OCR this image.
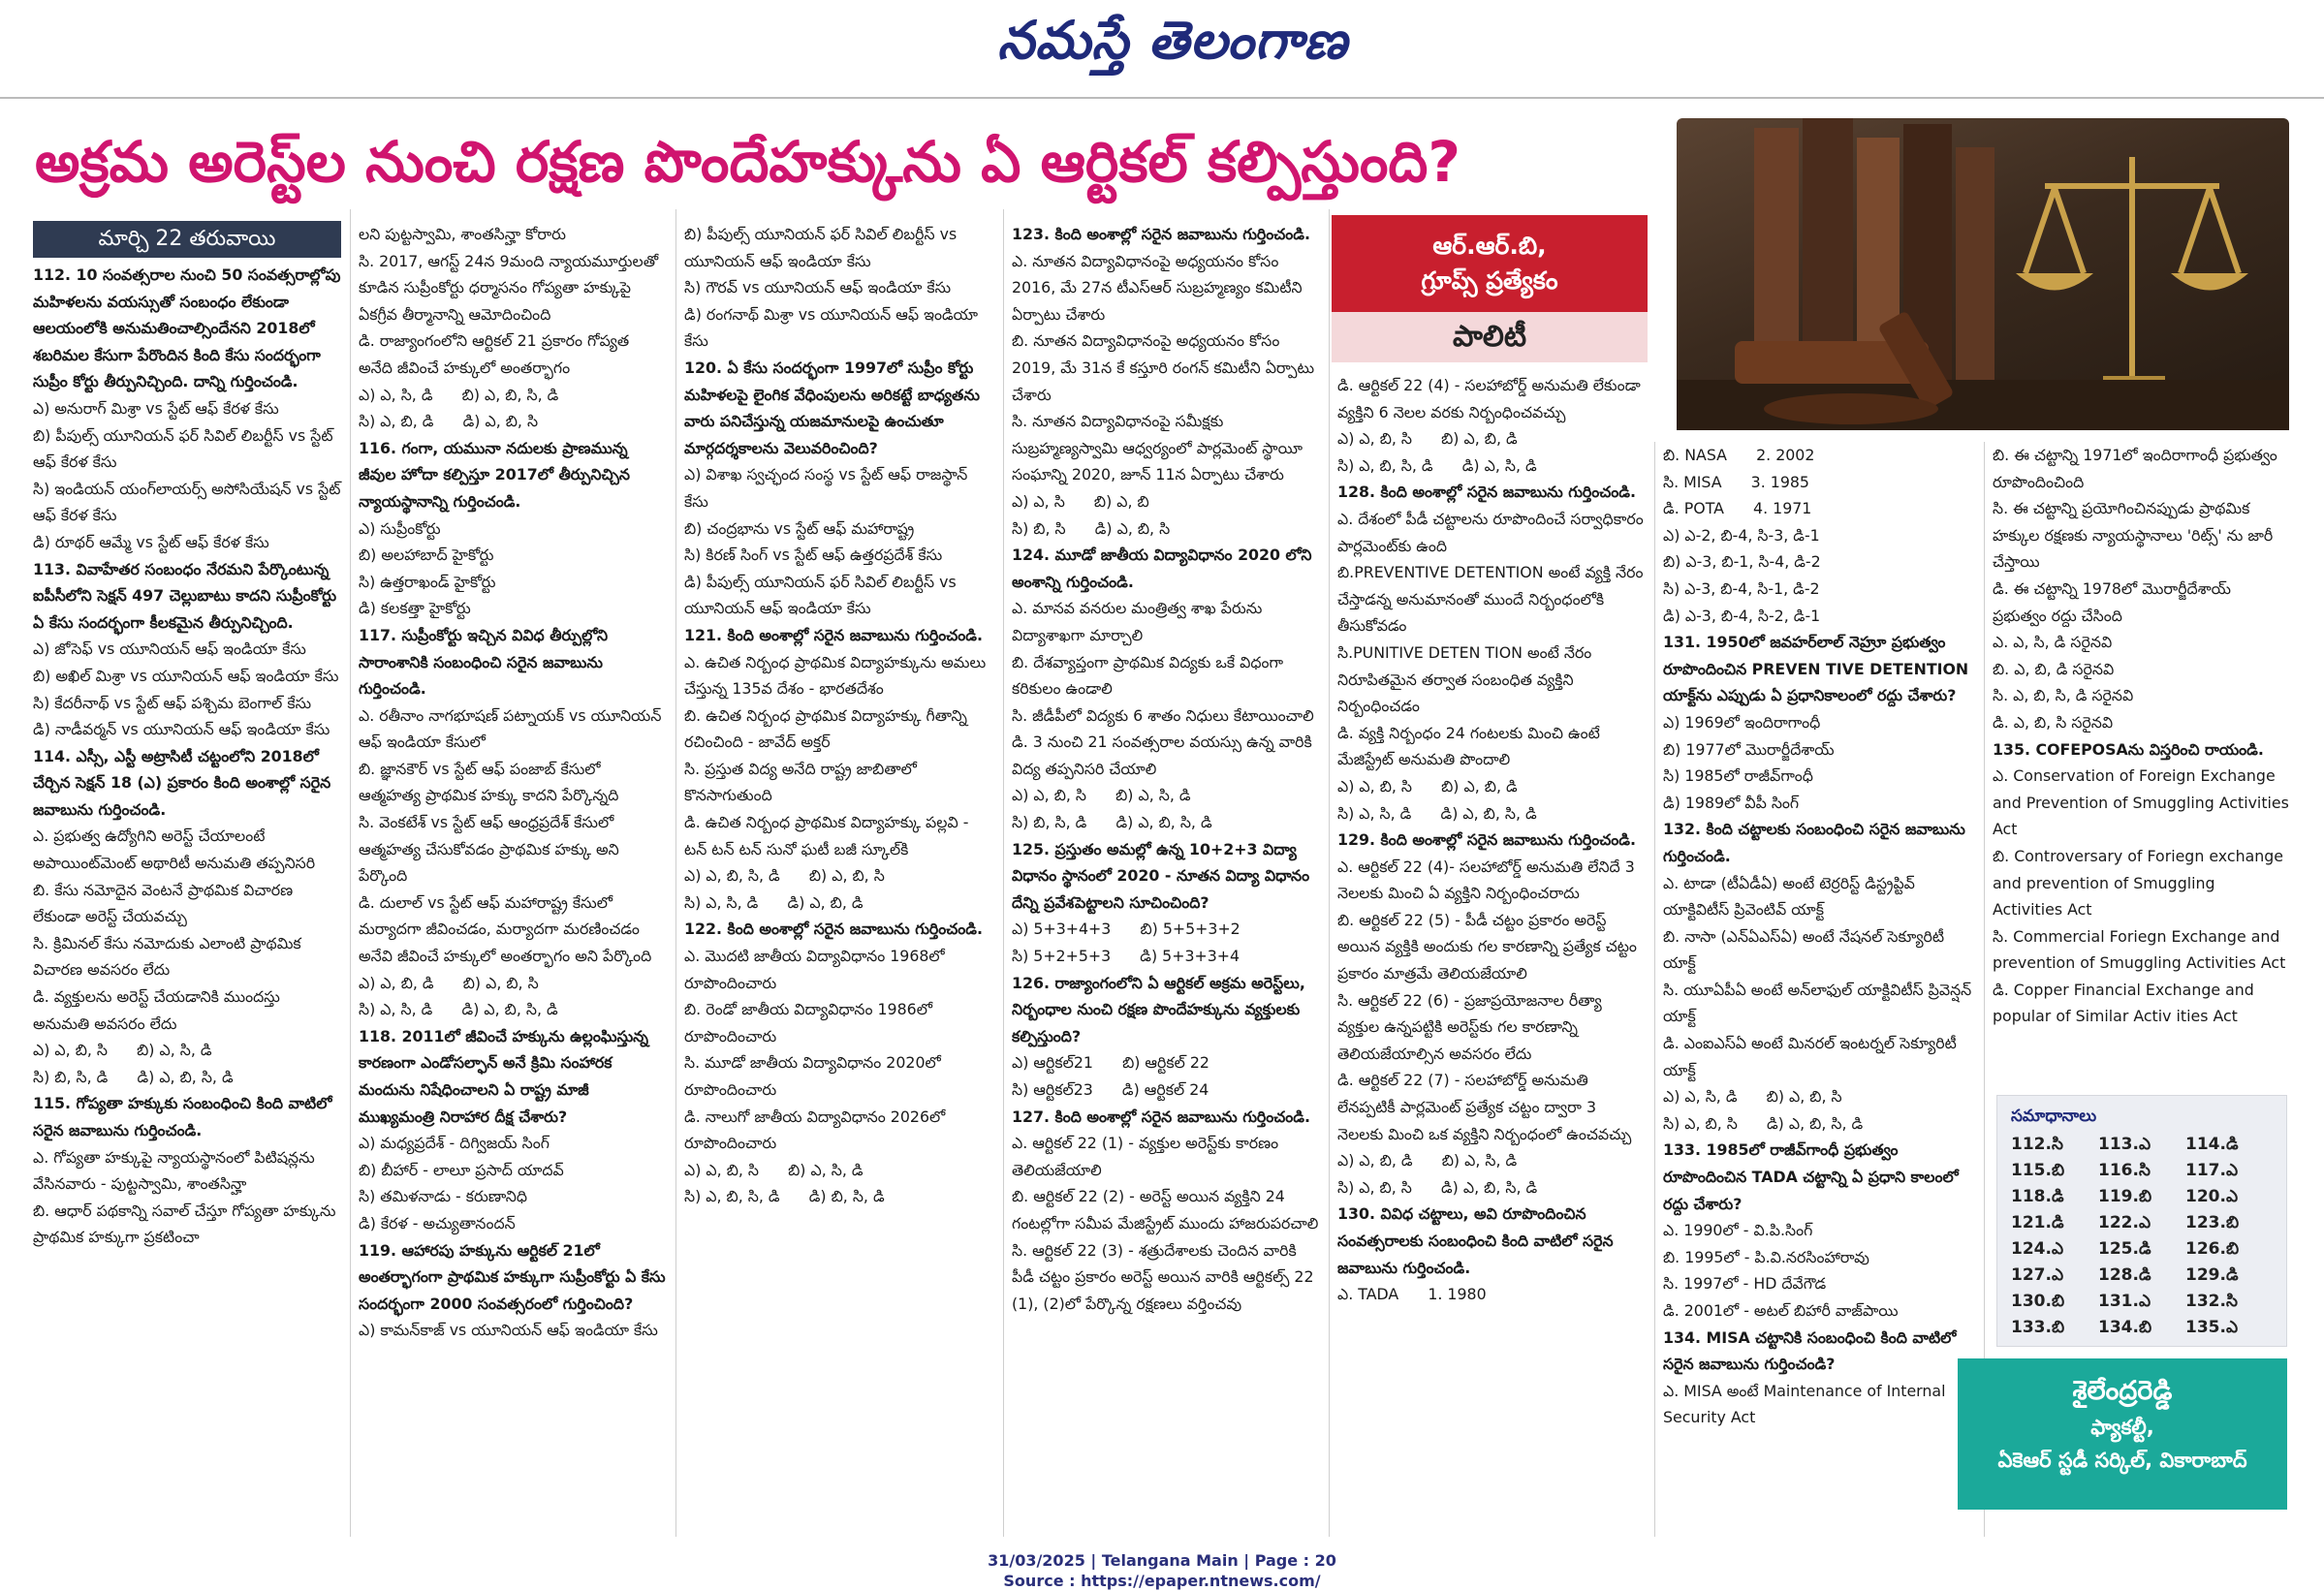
నమస్తే తెలంగాణ
అక్రమ అరెస్ట్‌ల నుంచి రక్షణ పొందేహక్కును ఏ ఆర్టికల్ కల్పిస్తుంది?
ఆర్.ఆర్.బి,
గ్రూప్స్ ప్రత్యేకం
పాలిటీ
మార్చి 22 తరువాయి

112. 10 సంవత్సరాల నుంచి 50 సంవత్సరాల్లోపు మహిళలను వయస్సుతో సంబంధం లేకుండా ఆలయంలోకి అనుమతించాల్సిందేనని 2018లో శబరిమల కేసుగా పేరొందిన కింది కేసు సందర్భంగా సుప్రీం కోర్టు తీర్పునిచ్చింది. దాన్ని గుర్తించండి.

ఎ) అనురాగ్ మిశ్రా vs స్టేట్ ఆఫ్ కేరళ కేసు

బి) పీపుల్స్ యూనియన్ ఫర్ సివిల్ లిబర్టీస్ vs స్టేట్ ఆఫ్ కేరళ కేసు

సి) ఇండియన్ యంగ్‌లాయర్స్ అసోసియేషన్ vs స్టేట్ ఆఫ్ కేరళ కేసు

డి) రూథర్ ఆమ్మే vs స్టేట్ ఆఫ్ కేరళ కేసు

113. వివాహేతర సంబంధం నేరమని పేర్కొంటున్న ఐపీసీలోని సెక్షన్ 497 చెల్లుబాటు కాదని సుప్రీంకోర్టు ఏ కేసు సందర్భంగా కీలకమైన తీర్పునిచ్చింది.

ఎ) జోసెఫ్ vs యూనియన్ ఆఫ్ ఇండియా కేసు

బి) అఖిల్ మిశ్రా vs యూనియన్ ఆఫ్ ఇండియా కేసు

సి) కేదరీనాథ్ vs స్టేట్ ఆఫ్ పశ్చిమ బెంగాల్ కేసు

డి) నాడీవర్మన్ vs యూనియన్ ఆఫ్ ఇండియా కేసు

114. ఎస్సీ, ఎస్టీ అట్రాసిటీ చట్టంలోని 2018లో చేర్చిన సెక్షన్ 18 (ఎ) ప్రకారం కింది అంశాల్లో సరైన జవాబును గుర్తించండి.

ఎ. ప్రభుత్వ ఉద్యోగిని అరెస్ట్ చేయాలంటే అపాయింట్‌మెంట్ అథారిటీ అనుమతి తప్పనిసరి

బి. కేసు నమోదైన వెంటనే ప్రాథమిక విచారణ లేకుండా అరెస్ట్ చేయవచ్చు

సి. క్రిమినల్ కేసు నమోదుకు ఎలాంటి ప్రాథమిక విచారణ అవసరం లేదు

డి. వ్యక్తులను అరెస్ట్ చేయడానికి ముందస్తు అనుమతి అవసరం లేదు

ఎ) ఎ, బి, సి      బి) ఎ, సి, డి

సి) బి, సి, డి      డి) ఎ, బి, సి, డి

115. గోప్యతా హక్కుకు సంబంధించి కింది వాటిలో సరైన జవాబును గుర్తించండి.

ఎ. గోప్యతా హక్కుపై న్యాయస్థానంలో పిటిషన్లను వేసినవారు - పుట్టస్వామి, శాంతసిన్హా

బి. ఆధార్ పథకాన్ని సవాల్ చేస్తూ గోప్యతా హక్కును ప్రాథమిక హక్కుగా ప్రకటించా

లని పుట్టస్వామి, శాంతసిన్హా కోరారు

సి. 2017, ఆగస్ట్ 24న 9మంది న్యాయమూర్తులతో కూడిన సుప్రీంకోర్టు ధర్మాసనం గోప్యతా హక్కుపై ఏకగ్రీవ తీర్మానాన్ని ఆమోదించింది

డి. రాజ్యాంగంలోని ఆర్టికల్ 21 ప్రకారం గోప్యత అనేది జీవించే హక్కులో అంతర్భాగం

ఎ) ఎ, సి, డి      బి) ఎ, బి, సి, డి

సి) ఎ, బి, డి      డి) ఎ, బి, సి

116. గంగా, యమునా నదులకు ప్రాణమున్న జీవుల హోదా కల్పిస్తూ 2017లో తీర్పునిచ్చిన న్యాయస్థానాన్ని గుర్తించండి.

ఎ) సుప్రీంకోర్టు

బి) అలహాబాద్ హైకోర్టు

సి) ఉత్తరాఖండ్ హైకోర్టు

డి) కలకత్తా హైకోర్టు

117. సుప్రీంకోర్టు ఇచ్చిన వివిధ తీర్పుల్లోని సారాంశానికి సంబంధించి సరైన జవాబును గుర్తించండి.

ఎ. రతీనాం నాగభూషణ్ పట్నాయక్ vs యూనియన్ ఆఫ్ ఇండియా కేసులో

బి. జ్ఞానకౌర్ vs స్టేట్ ఆఫ్ పంజాబ్ కేసులో ఆత్మహత్య ప్రాథమిక హక్కు కాదని పేర్కొన్నది

సి. వెంకటేశ్ vs స్టేట్ ఆఫ్ ఆంధ్రప్రదేశ్ కేసులో ఆత్మహత్య చేసుకోవడం ప్రాథమిక హక్కు అని పేర్కొంది

డి. దులాల్ vs స్టేట్ ఆఫ్ మహారాష్ట్ర కేసులో మర్యాదగా జీవించడం, మర్యాదగా మరణించడం అనేవి జీవించే హక్కులో అంతర్భాగం అని పేర్కొంది

ఎ) ఎ, బి, డి      బి) ఎ, బి, సి

సి) ఎ, సి, డి      డి) ఎ, బి, సి, డి

118. 2011లో జీవించే హక్కును ఉల్లంఘిస్తున్న కారణంగా ఎండోసల్ఫాన్ అనే క్రిమి సంహారక మందును నిషేధించాలని ఏ రాష్ట్ర మాజీ ముఖ్యమంత్రి నిరాహార దీక్ష చేశారు?

ఎ) మధ్యప్రదేశ్ - దిగ్విజయ్ సింగ్

బి) బీహార్ - లాలూ ప్రసాద్ యాదవ్

సి) తమిళనాడు - కరుణానిధి

డి) కేరళ - అచ్యుతానందన్

119. ఆహారపు హక్కును ఆర్టికల్ 21లో అంతర్భాగంగా ప్రాథమిక హక్కుగా సుప్రీంకోర్టు ఏ కేసు సందర్భంగా 2000 సంవత్సరంలో గుర్తించింది?

ఎ) కామన్‌కాజ్ vs యూనియన్ ఆఫ్ ఇండియా కేసు

బి) పీపుల్స్ యూనియన్ ఫర్ సివిల్ లిబర్టీస్ vs యూనియన్ ఆఫ్ ఇండియా కేసు

సి) గౌరవ్ vs యూనియన్ ఆఫ్ ఇండియా కేసు

డి) రంగనాథ్ మిశ్రా vs యూనియన్ ఆఫ్ ఇండియా కేసు

120. ఏ కేసు సందర్భంగా 1997లో సుప్రీం కోర్టు మహిళలపై లైంగిక వేధింపులను అరికట్టే బాధ్యతను వారు పనిచేస్తున్న యజమానులపై ఉంచుతూ మార్గదర్శకాలను వెలువరించింది?

ఎ) విశాఖ స్వచ్ఛంద సంస్థ vs స్టేట్ ఆఫ్ రాజస్థాన్ కేసు

బి) చంద్రభాను vs స్టేట్ ఆఫ్ మహారాష్ట్ర

సి) కిరణ్ సింగ్ vs స్టేట్ ఆఫ్ ఉత్తరప్రదేశ్ కేసు

డి) పీపుల్స్ యూనియన్ ఫర్ సివిల్ లిబర్టీస్ vs యూనియన్ ఆఫ్ ఇండియా కేసు

121. కింది అంశాల్లో సరైన జవాబును గుర్తించండి.

ఎ. ఉచిత నిర్బంధ ప్రాథమిక విద్యాహక్కును అమలు చేస్తున్న 135వ దేశం - భారతదేశం

బి. ఉచిత నిర్బంధ ప్రాథమిక విద్యాహక్కు గీతాన్ని రచించింది - జావేద్ అక్తర్

సి. ప్రస్తుత విద్య అనేది రాష్ట్ర జాబితాలో కొనసాగుతుంది

డి. ఉచిత నిర్బంధ ప్రాథమిక విద్యాహక్కు పల్లవి - టన్ టన్ టన్ సునో ఘటీ బజీ స్కూల్‌కి

ఎ) ఎ, బి, సి, డి      బి) ఎ, బి, సి

సి) ఎ, సి, డి      డి) ఎ, బి, డి

122. కింది అంశాల్లో సరైన జవాబును గుర్తించండి.

ఎ. మొదటి జాతీయ విద్యావిధానం 1968లో రూపొందించారు

బి. రెండో జాతీయ విద్యావిధానం 1986లో రూపొందించారు

సి. మూడో జాతీయ విద్యావిధానం 2020లో రూపొందించారు

డి. నాలుగో జాతీయ విద్యావిధానం 2026లో రూపొందించారు

ఎ) ఎ, బి, సి      బి) ఎ, సి, డి

సి) ఎ, బి, సి, డి      డి) బి, సి, డి

123. కింది అంశాల్లో సరైన జవాబును గుర్తించండి.

ఎ. నూతన విద్యావిధానంపై అధ్యయనం కోసం 2016, మే 27న టీఎస్ఆర్ సుబ్రహ్మణ్యం కమిటీని ఏర్పాటు చేశారు

బి. నూతన విద్యావిధానంపై అధ్యయనం కోసం 2019, మే 31న కే కస్తూరి రంగన్ కమిటీని ఏర్పాటు చేశారు

సి. నూతన విద్యావిధానంపై సమీక్షకు సుబ్రహ్మణ్యస్వామి ఆధ్వర్యంలో పార్లమెంట్ స్థాయీ సంఘాన్ని 2020, జూన్ 11న ఏర్పాటు చేశారు

ఎ) ఎ, సి      బి) ఎ, బి

సి) బి, సి      డి) ఎ, బి, సి

124. మూడో జాతీయ విద్యావిధానం 2020 లోని అంశాన్ని గుర్తించండి.

ఎ. మానవ వనరుల మంత్రిత్వ శాఖ పేరును విద్యాశాఖగా మార్చాలి

బి. దేశవ్యాప్తంగా ప్రాథమిక విద్యకు ఒకే విధంగా కరికులం ఉండాలి

సి. జీడీపీలో విద్యకు 6 శాతం నిధులు కేటాయించాలి

డి. 3 నుంచి 21 సంవత్సరాల వయస్సు ఉన్న వారికి విద్య తప్పనిసరి చేయాలి

ఎ) ఎ, బి, సి      బి) ఎ, సి, డి

సి) బి, సి, డి      డి) ఎ, బి, సి, డి

125. ప్రస్తుతం అమల్లో ఉన్న 10+2+3 విద్యా విధానం స్థానంలో 2020 - నూతన విద్యా విధానం దేన్ని ప్రవేశపెట్టాలని సూచించింది?

ఎ) 5+3+4+3      బి) 5+5+3+2

సి) 5+2+5+3      డి) 5+3+3+4

126. రాజ్యాంగంలోని ఏ ఆర్టికల్ అక్రమ అరెస్ట్‌లు, నిర్బంధాల నుంచి రక్షణ పొందేహక్కును వ్యక్తులకు కల్పిస్తుంది?

ఎ) ఆర్టికల్21      బి) ఆర్టికల్ 22

సి) ఆర్టికల్23      డి) ఆర్టికల్ 24

127. కింది అంశాల్లో సరైన జవాబును గుర్తించండి.

ఎ. ఆర్టికల్ 22 (1) - వ్యక్తుల అరెస్ట్‌కు కారణం తెలియజేయాలి

బి. ఆర్టికల్ 22 (2) - అరెస్ట్ అయిన వ్యక్తిని 24 గంటల్లోగా సమీప మేజిస్ట్రేట్ ముందు హాజరుపరచాలి

సి. ఆర్టికల్ 22 (3) - శత్రుదేశాలకు చెందిన వారికి పీడీ చట్టం ప్రకారం అరెస్ట్ అయిన వారికి ఆర్టికల్స్ 22 (1), (2)లో పేర్కొన్న రక్షణలు వర్తించవు

డి. ఆర్టికల్ 22 (4) - సలహాబోర్డ్ అనుమతి లేకుండా వ్యక్తిని 6 నెలల వరకు నిర్బంధించవచ్చు

ఎ) ఎ, బి, సి      బి) ఎ, బి, డి

సి) ఎ, బి, సి, డి      డి) ఎ, సి, డి

128. కింది అంశాల్లో సరైన జవాబును గుర్తించండి.

ఎ. దేశంలో పీడీ చట్టాలను రూపొందించే సర్వాధికారం పార్లమెంట్‌కు ఉంది

బి.PREVENTIVE DETENTION అంటే వ్యక్తి నేరం చేస్తాడన్న అనుమానంతో ముందే నిర్బంధంలోకి తీసుకోవడం

సి.PUNITIVE DETEN TION అంటే నేరం నిరూపితమైన తర్వాత సంబంధిత వ్యక్తిని నిర్బంధించడం

డి. వ్యక్తి నిర్బంధం 24 గంటలకు మించి ఉంటే మేజిస్ట్రేట్ అనుమతి పొందాలి

ఎ) ఎ, బి, సి      బి) ఎ, బి, డి

సి) ఎ, సి, డి      డి) ఎ, బి, సి, డి

129. కింది అంశాల్లో సరైన జవాబును గుర్తించండి.

ఎ. ఆర్టికల్ 22 (4)- సలహాబోర్డ్ అనుమతి లేనిదే 3 నెలలకు మించి ఏ వ్యక్తిని నిర్బంధించరాదు

బి. ఆర్టికల్ 22 (5) - పీడీ చట్టం ప్రకారం అరెస్ట్ అయిన వ్యక్తికి అందుకు గల కారణాన్ని ప్రత్యేక చట్టం ప్రకారం మాత్రమే తెలియజేయాలి

సి. ఆర్టికల్ 22 (6) - ప్రజాప్రయోజనాల రీత్యా వ్యక్తుల ఉన్నపట్టికి అరెస్ట్‌కు గల కారణాన్ని తెలియజేయాల్సిన అవసరం లేదు

డి. ఆర్టికల్ 22 (7) - సలహాబోర్డ్ అనుమతి లేనప్పటికీ పార్లమెంట్ ప్రత్యేక చట్టం ద్వారా 3 నెలలకు మించి ఒక వ్యక్తిని నిర్బంధంలో ఉంచవచ్చు

ఎ) ఎ, బి, డి      బి) ఎ, సి, డి

సి) ఎ, బి, సి      డి) ఎ, బి, సి, డి

130. వివిధ చట్టాలు, అవి రూపొందించిన సంవత్సరాలకు సంబంధించి కింది వాటిలో సరైన జవాబును గుర్తించండి.

ఎ. TADA      1. 1980

బి. NASA      2. 2002

సి. MISA      3. 1985

డి. POTA      4. 1971

ఎ) ఎ-2, బి-4, సి-3, డి-1

బి) ఎ-3, బి-1, సి-4, డి-2

సి) ఎ-3, బి-4, సి-1, డి-2

డి) ఎ-3, బి-4, సి-2, డి-1

131. 1950లో జవహర్‌లాల్ నెహ్రూ ప్రభుత్వం రూపొందించిన PREVEN TIVE DETENTION యాక్ట్‌ను ఎప్పుడు ఏ ప్రధానికాలంలో రద్దు చేశారు?

ఎ) 1969లో ఇందిరాగాంధీ

బి) 1977లో మొరార్జీదేశాయ్

సి) 1985లో రాజీవ్‌గాంధీ

డి) 1989లో వీపీ సింగ్

132. కింది చట్టాలకు సంబంధించి సరైన జవాబును గుర్తించండి.

ఎ. టాడా (టీఏడీఏ) అంటే టెర్రరిస్ట్ డిస్ట్రప్టివ్ యాక్టివిటీస్ ప్రివెంటివ్ యాక్ట్

బి. నాసా (ఎన్ఏఎస్ఏ) అంటే నేషనల్ సెక్యూరిటీ యాక్ట్

సి. యూఏపీఏ అంటే అన్‌లాఫుల్ యాక్టివిటీస్ ప్రివెన్షన్ యాక్ట్

డి. ఎంఐఎస్ఏ అంటే మినరల్ ఇంటర్నల్ సెక్యూరిటీ యాక్ట్

ఎ) ఎ, సి, డి      బి) ఎ, బి, సి

సి) ఎ, బి, సి      డి) ఎ, బి, సి, డి

133. 1985లో రాజీవ్‌గాంధీ ప్రభుత్వం రూపొందించిన TADA చట్టాన్ని ఏ ప్రధాని కాలంలో రద్దు చేశారు?

ఎ. 1990లో - వి.పి.సింగ్

బి. 1995లో - పి.వి.నరసింహారావు

సి. 1997లో - HD దేవేగౌడ

డి. 2001లో - అటల్ బిహారీ వాజ్‌పాయి

134. MISA చట్టానికి సంబంధించి కింది వాటిలో సరైన జవాబును గుర్తించండి?

ఎ. MISA అంటే Maintenance of Internal Security Act

బి. ఈ చట్టాన్ని 1971లో ఇందిరాగాంధీ ప్రభుత్వం రూపొందించింది

సి. ఈ చట్టాన్ని ప్రయోగించినప్పుడు ప్రాథమిక హక్కుల రక్షణకు న్యాయస్థానాలు 'రిట్స్' ను జారీ చేస్తాయి

డి. ఈ చట్టాన్ని 1978లో మొరార్జీదేశాయ్ ప్రభుత్వం రద్దు చేసింది

ఎ. ఎ, సి, డి సరైనవి

బి. ఎ, బి, డి సరైనవి

సి. ఎ, బి, సి, డి సరైనవి

డి. ఎ, బి, సి సరైనవి

135. COFEPOSAను విస్తరించి రాయండి.

ఎ. Conservation of Foreign Exchange and Prevention of Smuggling Activities Act

బి. Controversary of Foriegn exchange and prevention of Smuggling Activities Act

సి. Commercial Foriegn Exchange and prevention of Smuggling Activities Act

డి. Copper Financial Exchange and popular of Similar Activ ities Act

సమాధానాలు
112.సి	113.ఎ	114.డి
115.బి	116.సి	117.ఎ
118.డి	119.బి	120.ఎ
121.డి	122.ఎ	123.బి
124.ఎ	125.డి	126.బి
127.ఎ	128.డి	129.డి
130.బి	131.ఎ	132.సి
133.బి	134.బి	135.ఎ
శైలేంద్రరెడ్డి
ఫ్యాకల్టీ,
ఏకెఆర్ స్టడీ సర్కిల్, వికారాబాద్
31/03/2025 | Telangana Main | Page : 20
Source : https://epaper.ntnews.com/
